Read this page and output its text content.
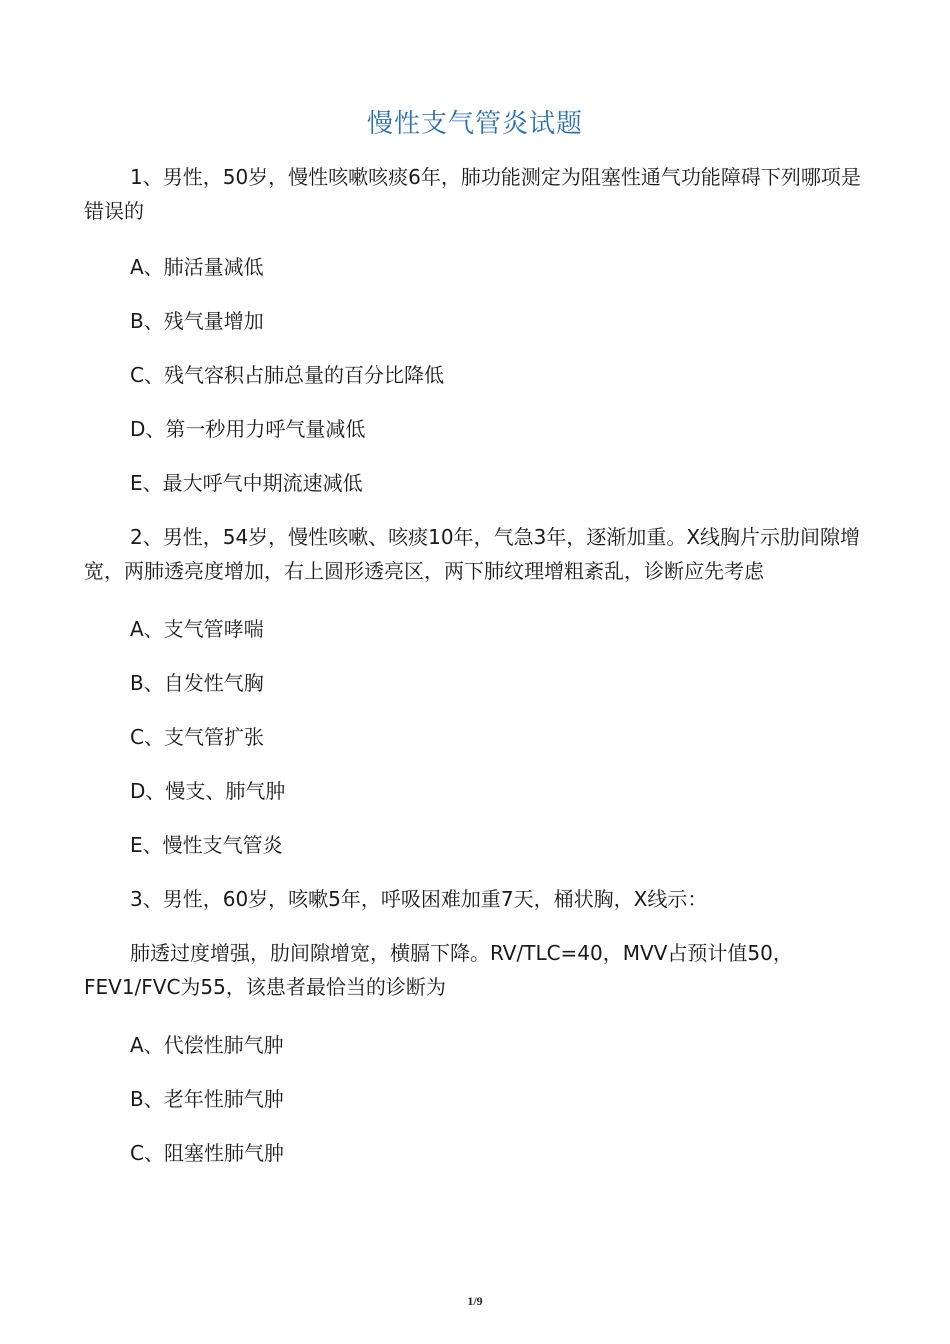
慢性支气管炎试题

1、男性，50岁，慢性咳嗽咳痰6年，肺功能测定为阻塞性通气功能障碍下列哪项是错误的

A、肺活量减低

B、残气量增加

C、残气容积占肺总量的百分比降低

D、第一秒用力呼气量减低

E、最大呼气中期流速减低

2、男性，54岁，慢性咳嗽、咳痰10年，气急3年，逐渐加重。X线胸片示肋间隙增宽，两肺透亮度增加，右上圆形透亮区，两下肺纹理增粗紊乱，诊断应先考虑

A、支气管哮喘

B、自发性气胸

C、支气管扩张

D、慢支、肺气肿

E、慢性支气管炎

3、男性，60岁，咳嗽5年，呼吸困难加重7天，桶状胸，X线示：

肺透过度增强，肋间隙增宽，横膈下降。RV/TLC=40，MVV占预计值50，FEV1/FVC为55，该患者最恰当的诊断为

A、代偿性肺气肿

B、老年性肺气肿

C、阻塞性肺气肿

1/9
